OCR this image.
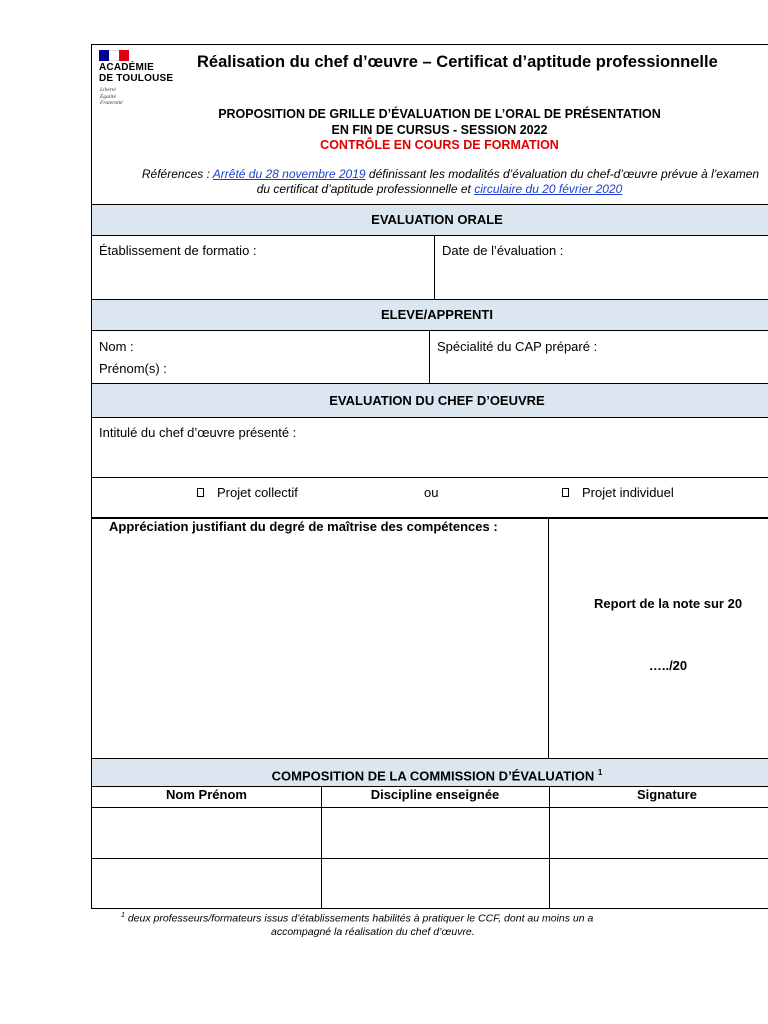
ACADÉMIE
DE TOULOUSE
Liberté
Égalité
Fraternité
Réalisation du chef d’œuvre – Certificat d’aptitude professionnelle
PROPOSITION DE GRILLE D’ÉVALUATION DE L’ORAL DE PRÉSENTATION
EN FIN DE CURSUS - SESSION 2022
CONTRÔLE EN COURS DE FORMATION
Références : Arrêté du 28 novembre 2019 définissant les modalités d’évaluation du chef-d’œuvre prévue à l’examen
du certificat d’aptitude professionnelle et circulaire du 20 février 2020
EVALUATION ORALE
Établissement de formatio :	Date de l’évaluation :
ELEVE/APPRENTI
Nom :
Prénom(s) :
Spécialité du CAP préparé :
EVALUATION DU CHEF D’OEUVRE
Intitulé du chef d’œuvre présenté :
Projet collectif	ou	Projet individuel
Appréciation justifiant du degré de maîtrise des compétences :
Report de la note sur 20
…../20
COMPOSITION DE LA COMMISSION D’ÉVALUATION $^1$
Nom Prénom	Discipline enseignée	Signature
$^1$ deux professeurs/formateurs issus d’établissements habilités à pratiquer le CCF, dont au moins un a
accompagné la réalisation du chef d’œuvre.
